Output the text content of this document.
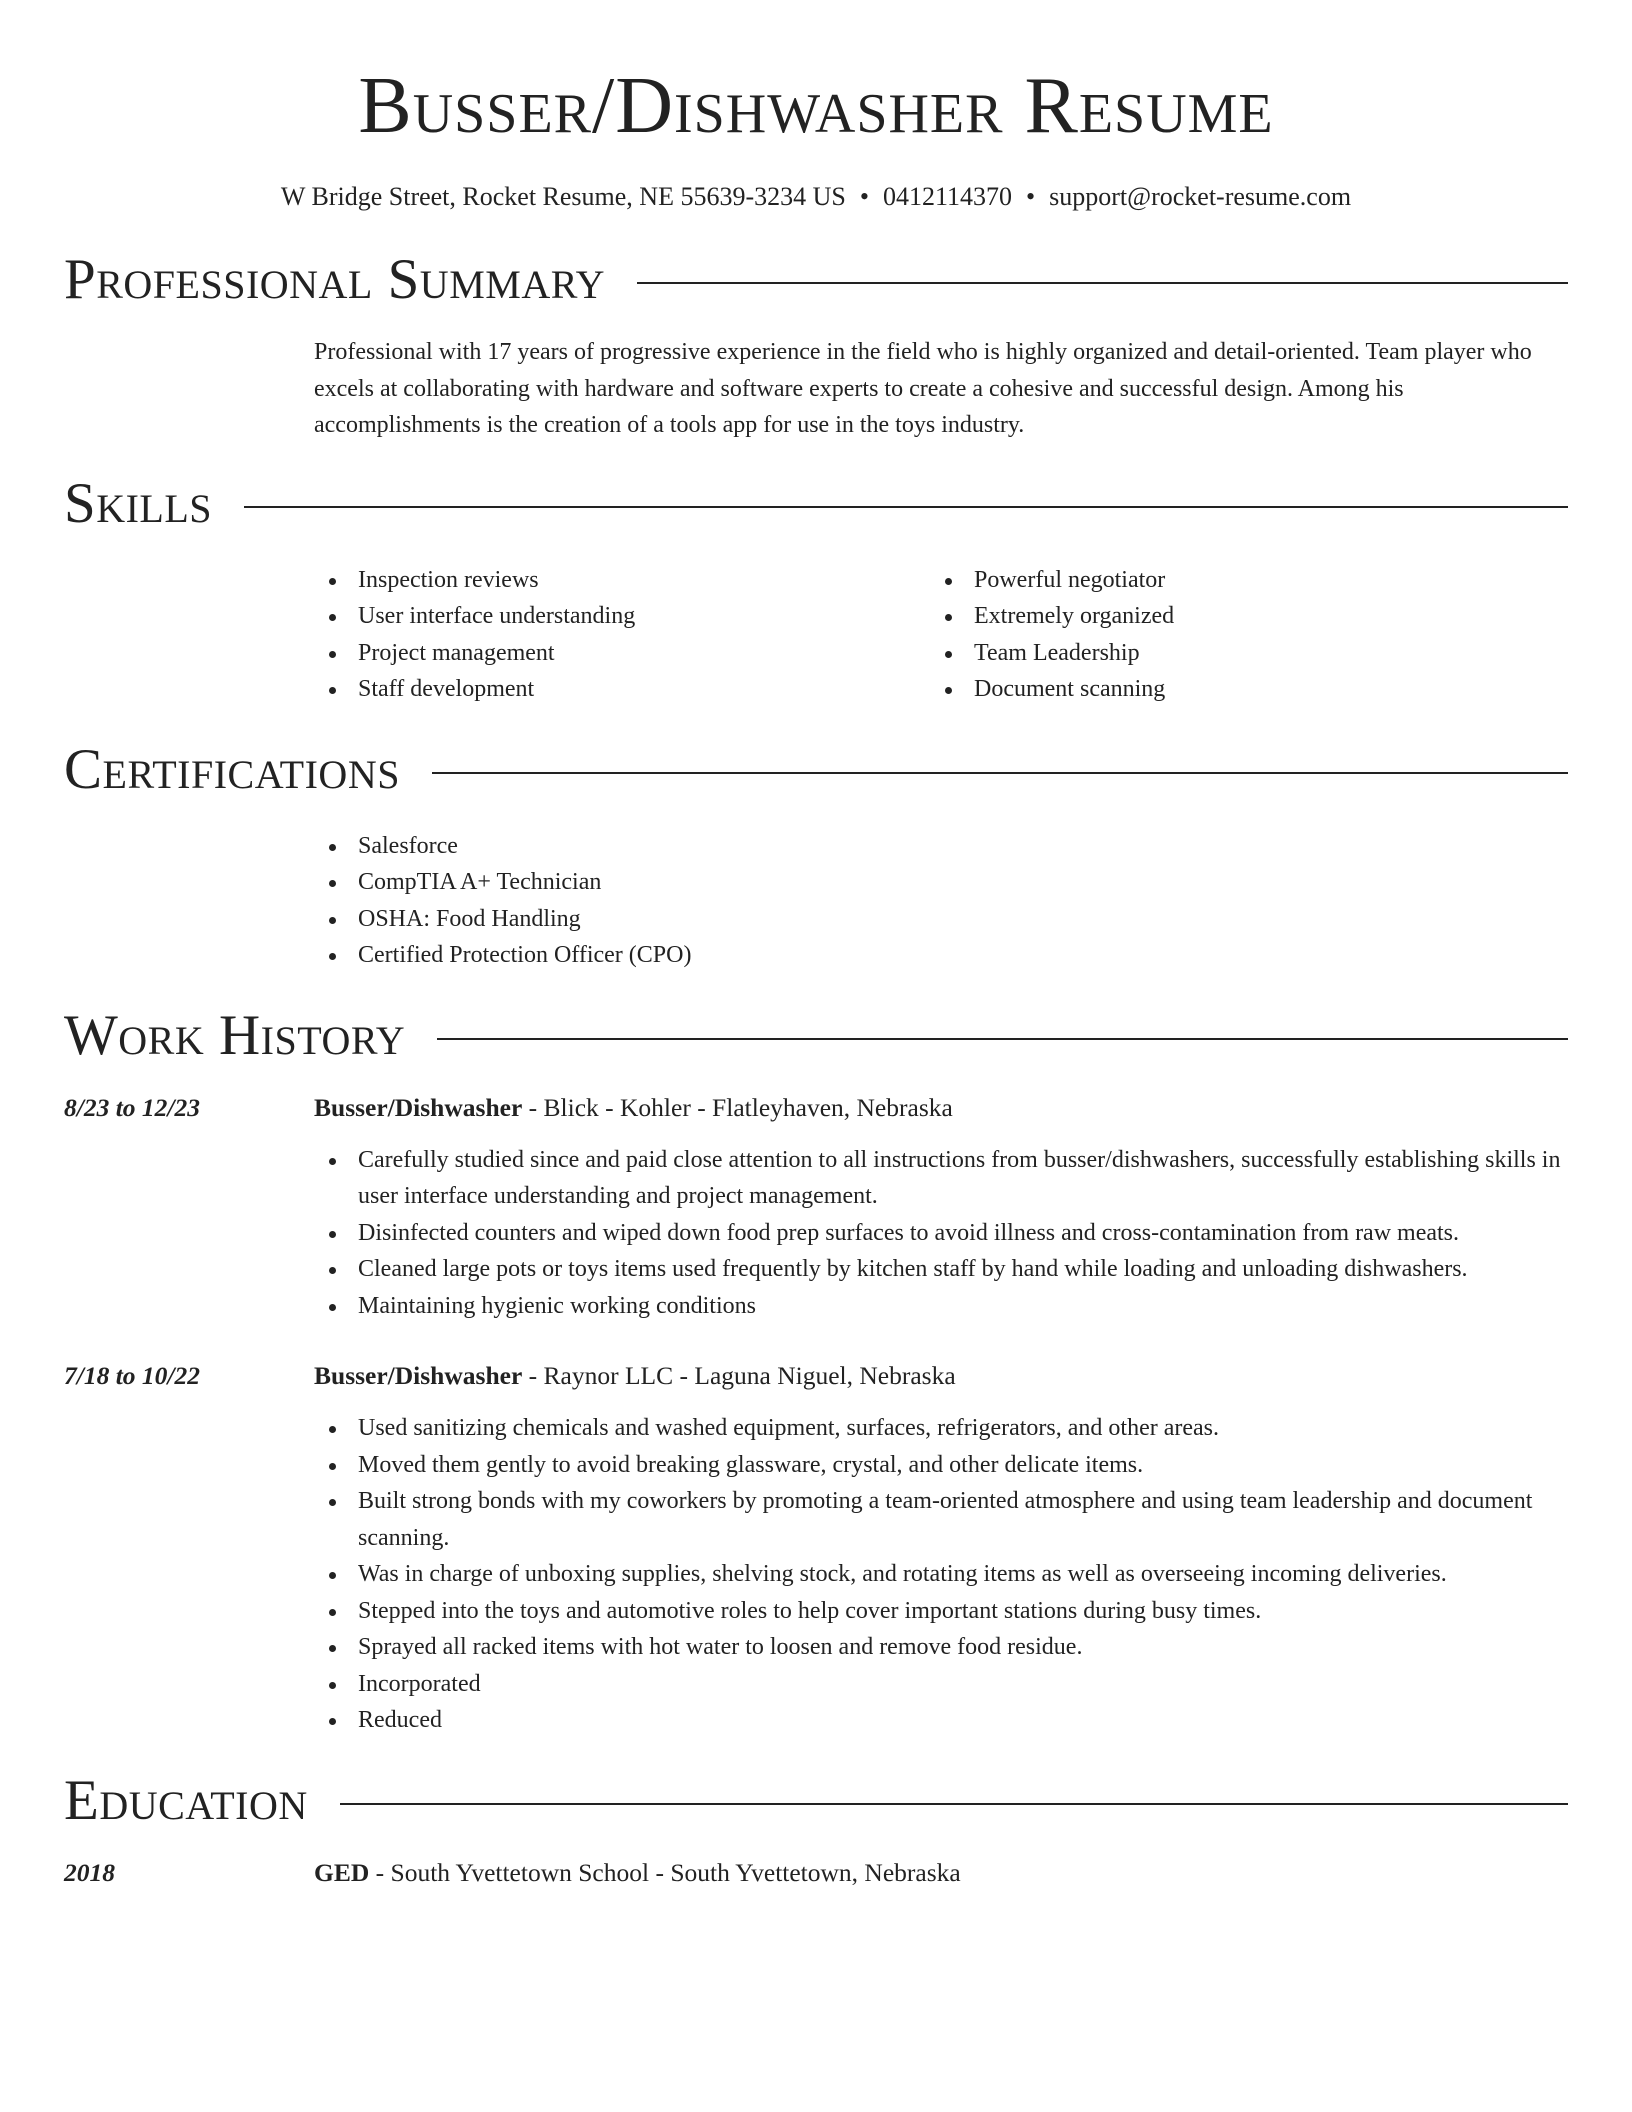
Busser/Dishwasher Resume
W Bridge Street, Rocket Resume, NE 55639-3234 US • 0412114370 • support@rocket-resume.com
Professional Summary

Professional with 17 years of progressive experience in the field who is highly organized and detail-oriented. Team player who excels at collaborating with hardware and software experts to create a cohesive and successful design. Among his accomplishments is the creation of a tools app for use in the toys industry.

Skills
Inspection reviews
User interface understanding
Project management
Staff development
Powerful negotiator
Extremely organized
Team Leadership
Document scanning
Certifications
Salesforce
CompTIA A+ Technician
OSHA: Food Handling
Certified Protection Officer (CPO)
Work History
8/23 to 12/23	Busser/Dishwasher - Blick - Kohler - Flatleyhaven, Nebraska
Carefully studied since and paid close attention to all instructions from busser/dishwashers, successfully establishing skills in user interface understanding and project management.
Disinfected counters and wiped down food prep surfaces to avoid illness and cross-contamination from raw meats.
Cleaned large pots or toys items used frequently by kitchen staff by hand while loading and unloading dishwashers.
Maintaining hygienic working conditions
7/18 to 10/22	Busser/Dishwasher - Raynor LLC - Laguna Niguel, Nebraska
Used sanitizing chemicals and washed equipment, surfaces, refrigerators, and other areas.
Moved them gently to avoid breaking glassware, crystal, and other delicate items.
Built strong bonds with my coworkers by promoting a team-oriented atmosphere and using team leadership and document scanning.
Was in charge of unboxing supplies, shelving stock, and rotating items as well as overseeing incoming deliveries.
Stepped into the toys and automotive roles to help cover important stations during busy times.
Sprayed all racked items with hot water to loosen and remove food residue.
Incorporated
Reduced
Education
2018	GED - South Yvettetown School - South Yvettetown, Nebraska
